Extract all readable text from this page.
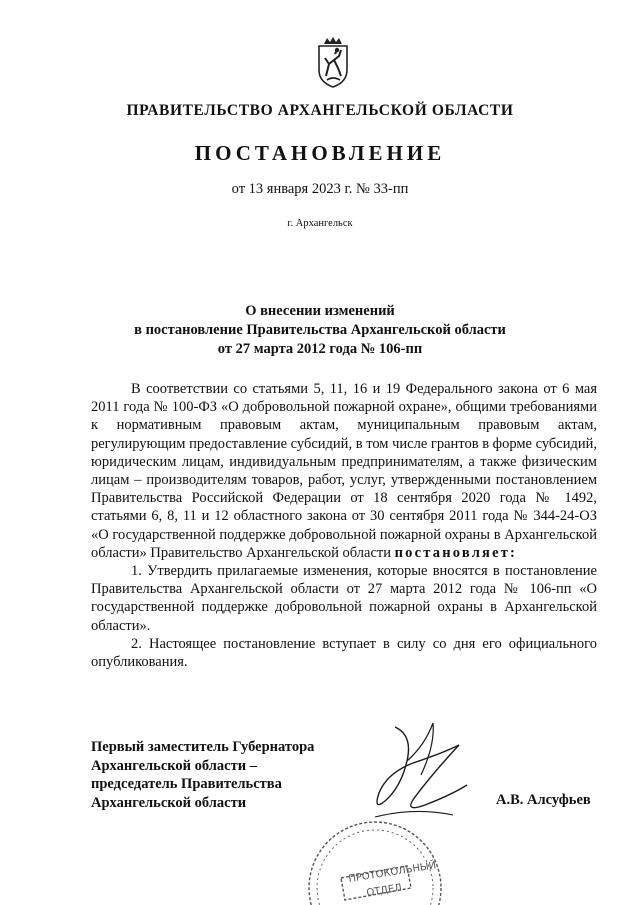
ПРАВИТЕЛЬСТВО АРХАНГЕЛЬСКОЙ ОБЛАСТИ
ПОСТАНОВЛЕНИЕ
от 13 января 2023 г. № 33-пп
г. Архангельск
О внесении изменений
в постановление Правительства Архангельской области
от 27 марта 2012 года № 106-пп

В соответствии со статьями 5, 11, 16 и 19 Федерального закона от 6 мая 2011 года № 100-ФЗ «О добровольной пожарной охране», общими требованиями к нормативным правовым актам, муниципальным правовым актам, регулирующим предоставление субсидий, в том числе грантов в форме субсидий, юридическим лицам, индивидуальным предпринимателям, а также физическим лицам – производителям товаров, работ, услуг, утвержденными постановлением Правительства Российской Федерации от 18 сентября 2020 года № 1492, статьями 6, 8, 11 и 12 областного закона от 30 сентября 2011 года № 344-24-ОЗ «О государственной поддержке добровольной пожарной охраны в Архангельской области» Правительство Архангельской области постановляет:

1. Утвердить прилагаемые изменения, которые вносятся в постановление Правительства Архангельской области от 27 марта 2012 года № 106-пп «О государственной поддержке добровольной пожарной охраны в Архангельской области».

2. Настоящее постановление вступает в силу со дня его официального опубликования.

Первый заместитель Губернатора
Архангельской области –
председатель Правительства
Архангельской области	А.В. Алсуфьев
ПРОТОКОЛЬНЫЙ
ОТДЕЛ
